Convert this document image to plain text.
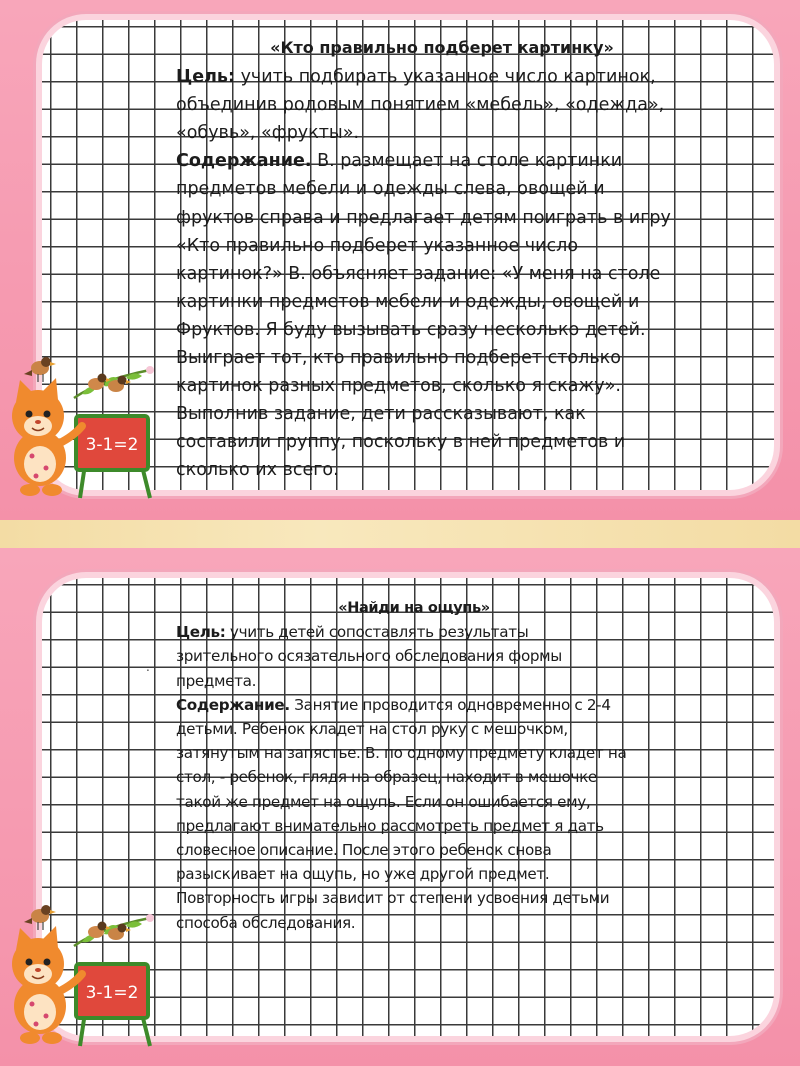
«Кто правильно подберет картинку»
Цель: учить подбирать указанное число картинок, объединив родовым понятием «мебель», «одежда», «обувь», «фрукты».
Содержание. В. размещает на столе картинки предметов мебели и одежды слева, овощей и фруктов справа и предлагает детям поиграть в игру «Кто правильно подберет указанное число картинок?» В. объясняет задание: «У меня на столе картинки предметов мебели и одежды, овощей и Фруктов. Я буду вызывать сразу несколько детей. Выиграет тот, кто правильно подберет столько картинок разных предметов, сколько я скажу». Выполнив задание, дети рассказывают, как составили группу, поскольку в ней предметов и сколько их всего.
3-1=2
.
«Найди на ощупь»
Цель: учить детей сопоставлять результаты зрительного осязательного обследования формы предмета.
Содержание. Занятие проводится одновременно с 2-4 детьми. Ребенок кладет на стол руку с мешочком, затянутым на запястье. В. по одному предмету кладет на стол, - ребенок, глядя на образец, находит в мешочке такой же предмет на ощупь. Если он ошибается ему, предлагают внимательно рассмотреть предмет я дать словесное описание. После этого ребенок снова разыскивает на ощупь, но уже другой предмет. Повторность игры зависит от степени усвоения детьми способа обследования.
3-1=2
